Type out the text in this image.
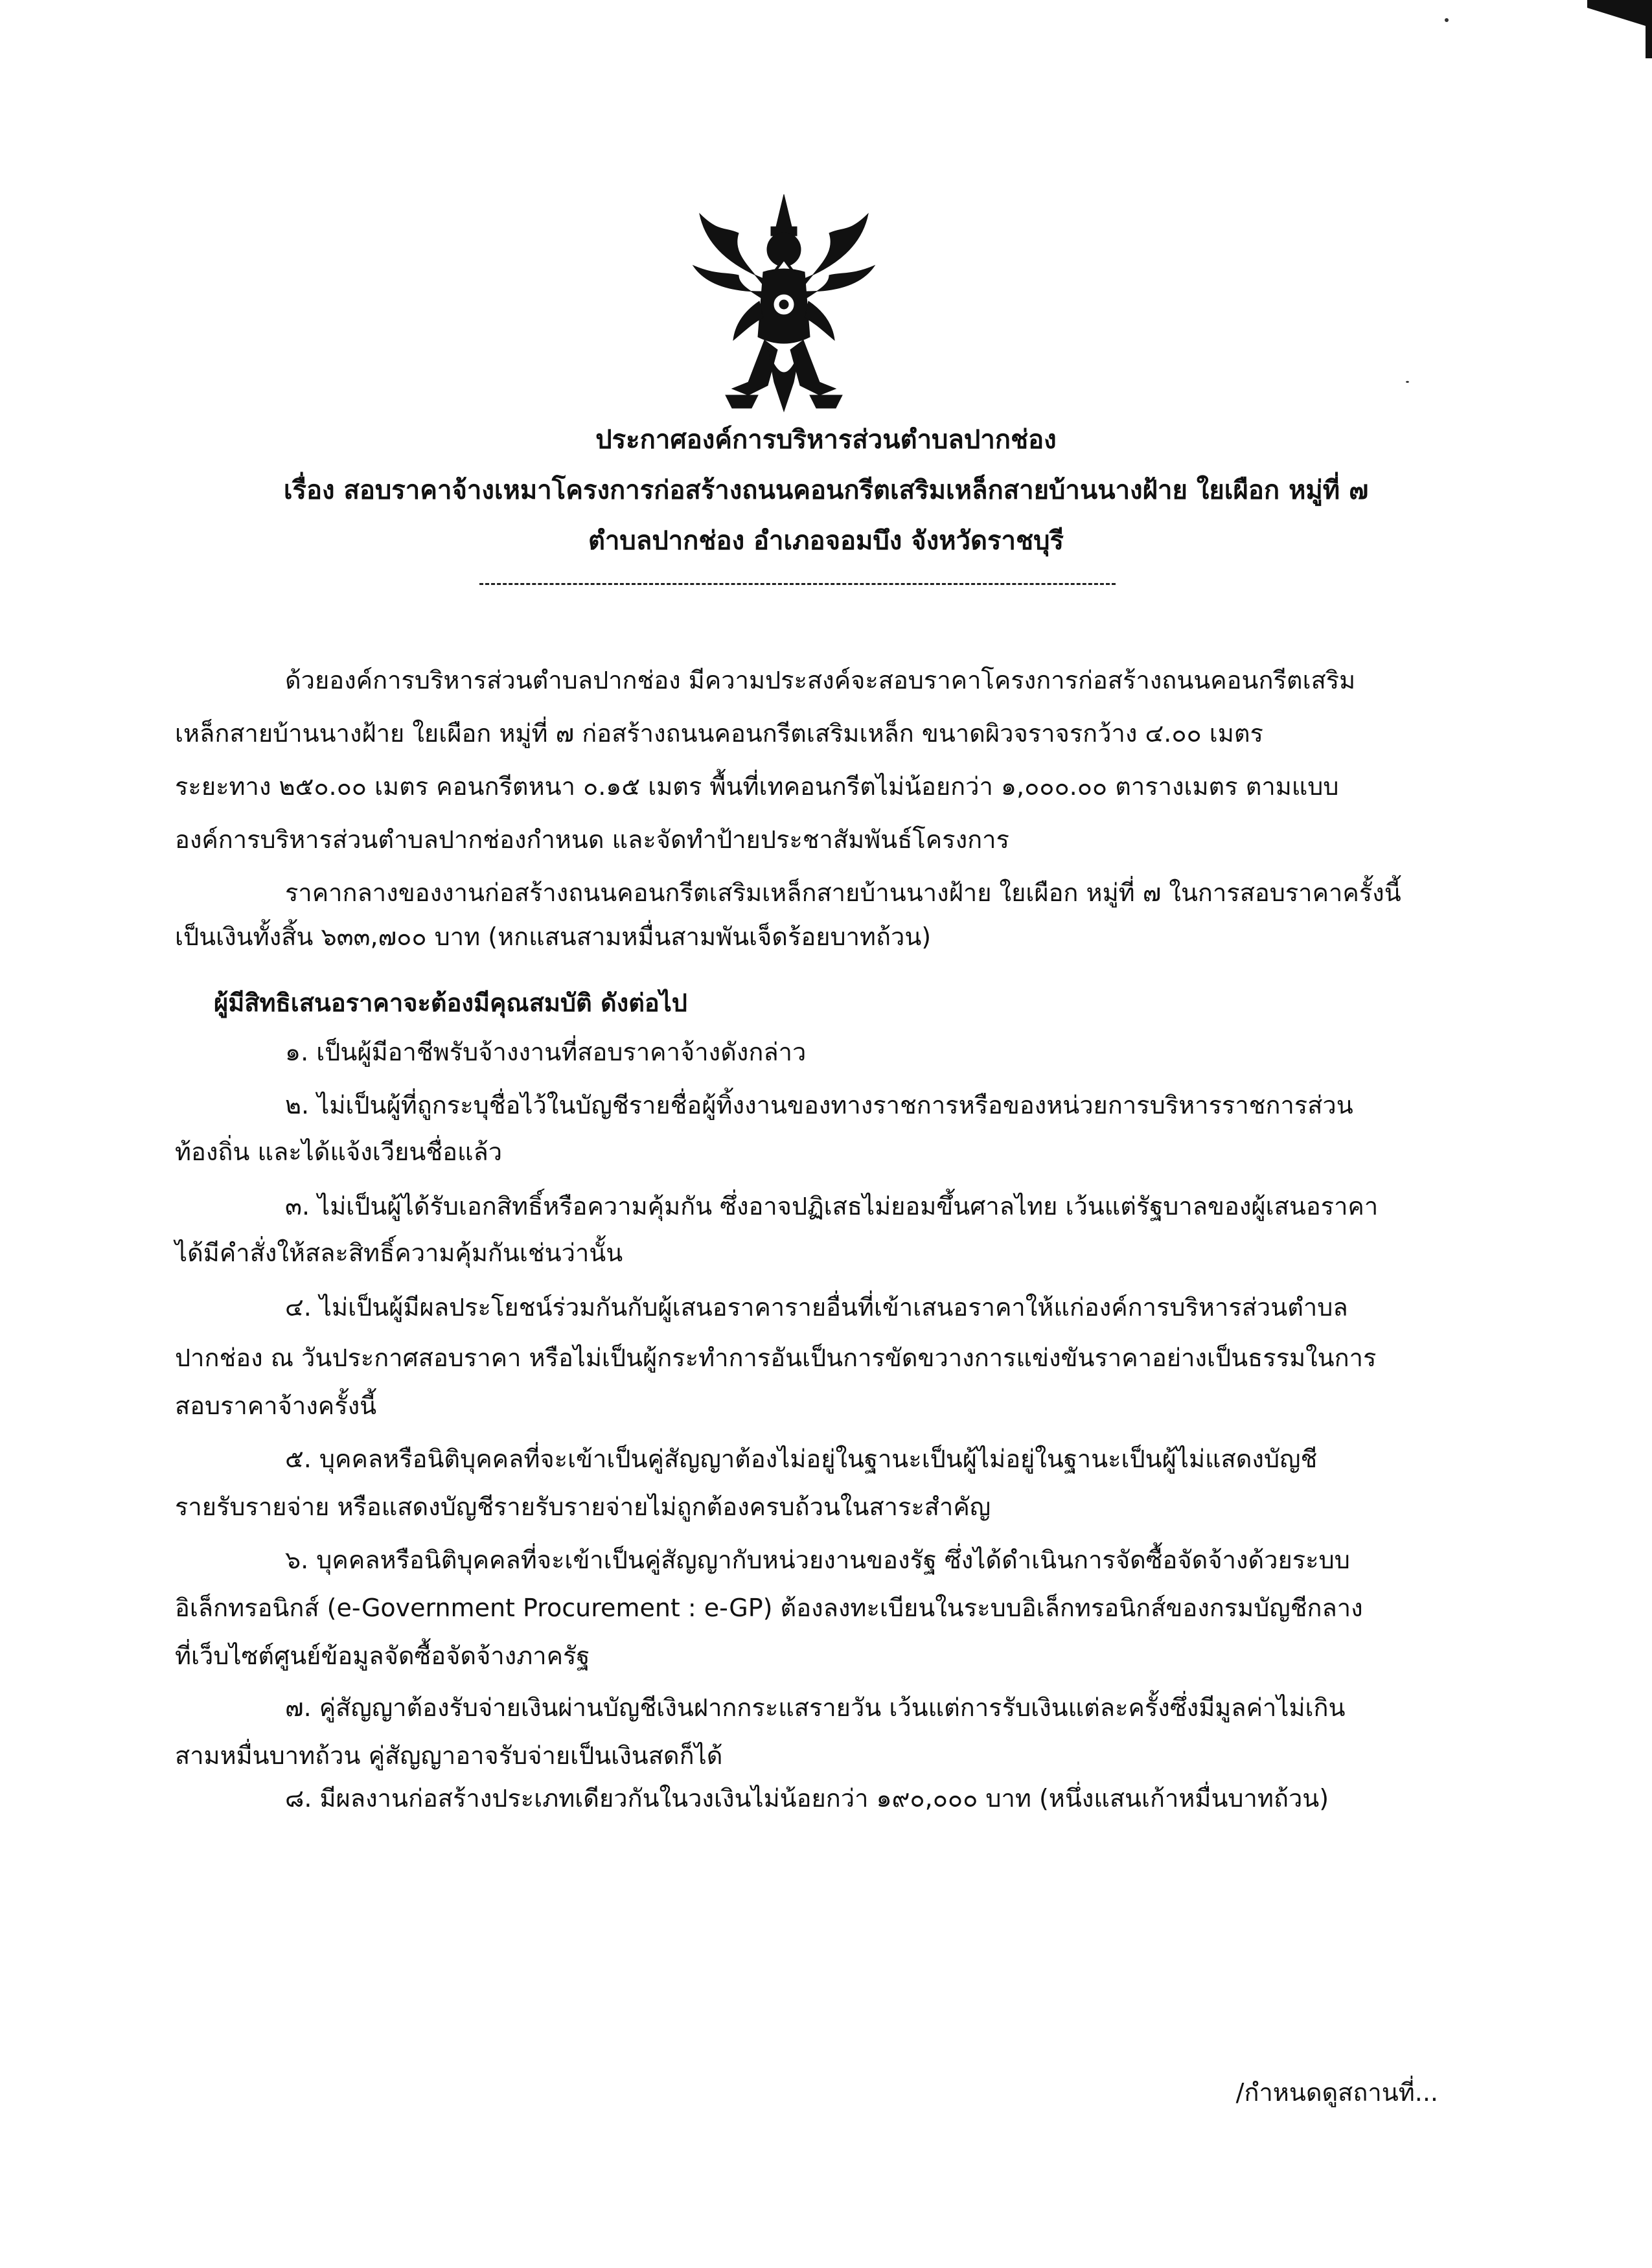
ประกาศองค์การบริหารส่วนตำบลปากช่อง
เรื่อง สอบราคาจ้างเหมาโครงการก่อสร้างถนนคอนกรีตเสริมเหล็กสายบ้านนางฝ้าย ใยเผือก หมู่ที่ ๗
ตำบลปากช่อง อำเภอจอมบึง จังหวัดราชบุรี
ด้วยองค์การบริหารส่วนตำบลปากช่อง มีความประสงค์จะสอบราคาโครงการก่อสร้างถนนคอนกรีตเสริม
เหล็กสายบ้านนางฝ้าย ใยเผือก หมู่ที่ ๗ ก่อสร้างถนนคอนกรีตเสริมเหล็ก ขนาดผิวจราจรกว้าง ๔.๐๐ เมตร
ระยะทาง ๒๕๐.๐๐ เมตร คอนกรีตหนา ๐.๑๕ เมตร พื้นที่เทคอนกรีตไม่น้อยกว่า ๑,๐๐๐.๐๐ ตารางเมตร ตามแบบ
องค์การบริหารส่วนตำบลปากช่องกำหนด และจัดทำป้ายประชาสัมพันธ์โครงการ
ราคากลางของงานก่อสร้างถนนคอนกรีตเสริมเหล็กสายบ้านนางฝ้าย ใยเผือก หมู่ที่ ๗ ในการสอบราคาครั้งนี้
เป็นเงินทั้งสิ้น ๖๓๓,๗๐๐ บาท (หกแสนสามหมื่นสามพันเจ็ดร้อยบาทถ้วน)
ผู้มีสิทธิเสนอราคาจะต้องมีคุณสมบัติ ดังต่อไป
๑. เป็นผู้มีอาชีพรับจ้างงานที่สอบราคาจ้างดังกล่าว
๒. ไม่เป็นผู้ที่ถูกระบุชื่อไว้ในบัญชีรายชื่อผู้ทิ้งงานของทางราชการหรือของหน่วยการบริหารราชการส่วน
ท้องถิ่น และได้แจ้งเวียนชื่อแล้ว
๓. ไม่เป็นผู้ได้รับเอกสิทธิ์หรือความคุ้มกัน ซึ่งอาจปฏิเสธไม่ยอมขึ้นศาลไทย เว้นแต่รัฐบาลของผู้เสนอราคา
ได้มีคำสั่งให้สละสิทธิ์ความคุ้มกันเช่นว่านั้น
๔. ไม่เป็นผู้มีผลประโยชน์ร่วมกันกับผู้เสนอราคารายอื่นที่เข้าเสนอราคาให้แก่องค์การบริหารส่วนตำบล
ปากช่อง ณ วันประกาศสอบราคา หรือไม่เป็นผู้กระทำการอันเป็นการขัดขวางการแข่งขันราคาอย่างเป็นธรรมในการ
สอบราคาจ้างครั้งนี้
๕. บุคคลหรือนิติบุคคลที่จะเข้าเป็นคู่สัญญาต้องไม่อยู่ในฐานะเป็นผู้ไม่อยู่ในฐานะเป็นผู้ไม่แสดงบัญชี
รายรับรายจ่าย หรือแสดงบัญชีรายรับรายจ่ายไม่ถูกต้องครบถ้วนในสาระสำคัญ
๖. บุคคลหรือนิติบุคคลที่จะเข้าเป็นคู่สัญญากับหน่วยงานของรัฐ ซึ่งได้ดำเนินการจัดซื้อจัดจ้างด้วยระบบ
อิเล็กทรอนิกส์ (e-Government Procurement : e-GP) ต้องลงทะเบียนในระบบอิเล็กทรอนิกส์ของกรมบัญชีกลาง
ที่เว็บไซต์ศูนย์ข้อมูลจัดซื้อจัดจ้างภาครัฐ
๗. คู่สัญญาต้องรับจ่ายเงินผ่านบัญชีเงินฝากกระแสรายวัน เว้นแต่การรับเงินแต่ละครั้งซึ่งมีมูลค่าไม่เกิน
สามหมื่นบาทถ้วน คู่สัญญาอาจรับจ่ายเป็นเงินสดก็ได้
๘. มีผลงานก่อสร้างประเภทเดียวกันในวงเงินไม่น้อยกว่า ๑๙๐,๐๐๐ บาท (หนึ่งแสนเก้าหมื่นบาทถ้วน)
/กำหนดดูสถานที่...
